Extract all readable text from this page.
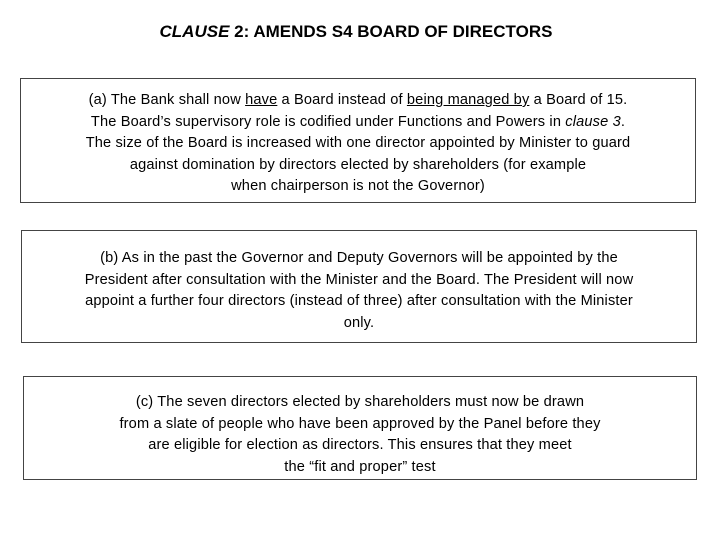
CLAUSE 2: AMENDS S4 BOARD OF DIRECTORS

(a) The Bank shall now have a Board instead of being managed by a Board of 15.

The Board’s supervisory role is codified under Functions and Powers in clause 3.

The size of the Board is increased with one director appointed by Minister to guard

against domination by directors elected by shareholders (for example

when chairperson is not the Governor)

(b) As in the past the Governor and Deputy Governors will be appointed by the

President after consultation with the Minister and the Board. The President will now

appoint a further four directors (instead of three) after consultation with the Minister

only.

(c) The seven directors elected by shareholders must now be drawn

from a slate of people who have been approved by the Panel before they

are eligible for election as directors. This ensures that they meet

the “fit and proper” test
